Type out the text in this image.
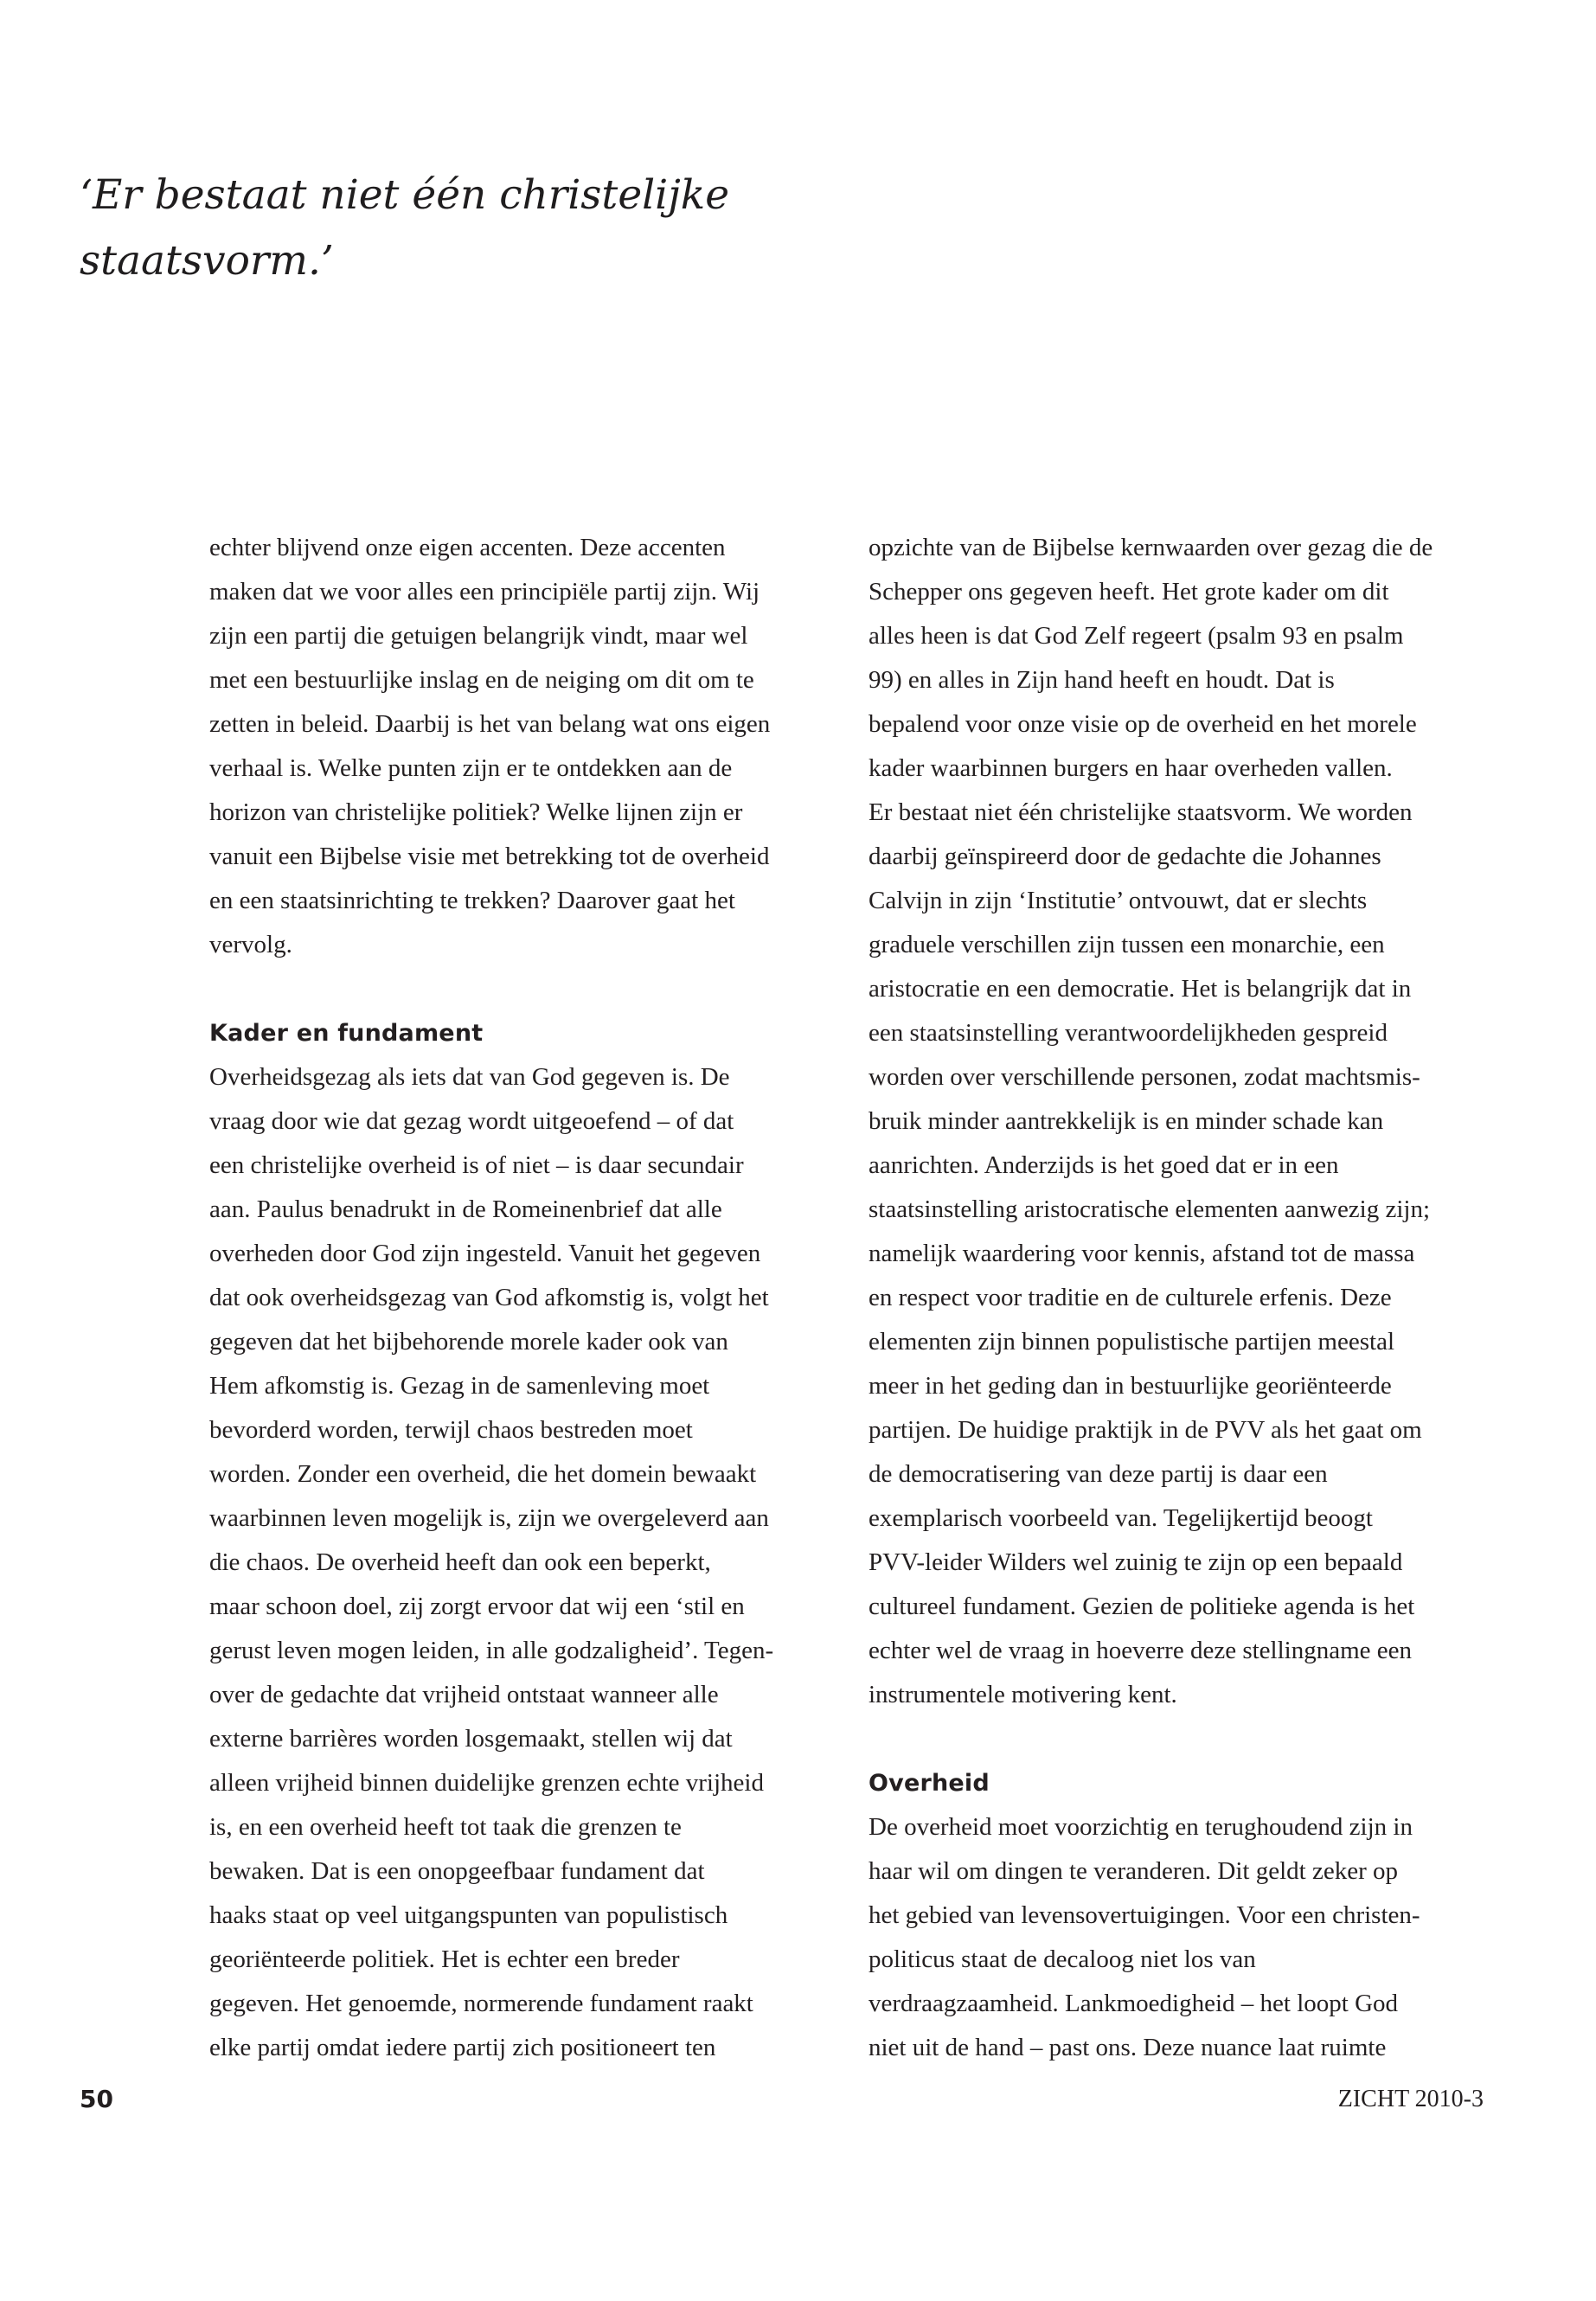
‘Er bestaat niet één christelijke
staatsvorm.’
echter blijvend onze eigen accenten. Deze accenten
maken dat we voor alles een principiële partij zijn. Wij
zijn een partij die getuigen belangrijk vindt, maar wel
met een bestuurlijke inslag en de neiging om dit om te
zetten in beleid. Daarbij is het van belang wat ons eigen
verhaal is. Welke punten zijn er te ontdekken aan de
horizon van christelijke politiek? Welke lijnen zijn er
vanuit een Bijbelse visie met betrekking tot de overheid
en een staatsinrichting te trekken? Daarover gaat het
vervolg.
Kader en fundament
Overheidsgezag als iets dat van God gegeven is. De
vraag door wie dat gezag wordt uitgeoefend – of dat
een christelijke overheid is of niet – is daar secundair
aan. Paulus benadrukt in de Romeinenbrief dat alle
overheden door God zijn ingesteld. Vanuit het gegeven
dat ook overheidsgezag van God afkomstig is, volgt het
gegeven dat het bijbehorende morele kader ook van
Hem afkomstig is. Gezag in de samenleving moet
bevorderd worden, terwijl chaos bestreden moet
worden. Zonder een overheid, die het domein bewaakt
waarbinnen leven mogelijk is, zijn we overgeleverd aan
die chaos. De overheid heeft dan ook een beperkt,
maar schoon doel, zij zorgt ervoor dat wij een ‘stil en
gerust leven mogen leiden, in alle godzaligheid’. Tegen-
over de gedachte dat vrijheid ontstaat wanneer alle
externe barrières worden losgemaakt, stellen wij dat
alleen vrijheid binnen duidelijke grenzen echte vrijheid
is, en een overheid heeft tot taak die grenzen te
bewaken. Dat is een onopgeefbaar fundament dat
haaks staat op veel uitgangspunten van populistisch
georiënteerde politiek. Het is echter een breder
gegeven. Het genoemde, normerende fundament raakt
elke partij omdat iedere partij zich positioneert ten
opzichte van de Bijbelse kernwaarden over gezag die de
Schepper ons gegeven heeft. Het grote kader om dit
alles heen is dat God Zelf regeert (psalm 93 en psalm
99) en alles in Zijn hand heeft en houdt. Dat is
bepalend voor onze visie op de overheid en het morele
kader waarbinnen burgers en haar overheden vallen.
Er bestaat niet één christelijke staatsvorm. We worden
daarbij geïnspireerd door de gedachte die Johannes
Calvijn in zijn ‘Institutie’ ontvouwt, dat er slechts
graduele verschillen zijn tussen een monarchie, een
aristocratie en een democratie. Het is belangrijk dat in
een staatsinstelling verantwoordelijkheden gespreid
worden over verschillende personen, zodat machtsmis-
bruik minder aantrekkelijk is en minder schade kan
aanrichten. Anderzijds is het goed dat er in een
staatsinstelling aristocratische elementen aanwezig zijn;
namelijk waardering voor kennis, afstand tot de massa
en respect voor traditie en de culturele erfenis. Deze
elementen zijn binnen populistische partijen meestal
meer in het geding dan in bestuurlijke georiënteerde
partijen. De huidige praktijk in de PVV als het gaat om
de democratisering van deze partij is daar een
exemplarisch voorbeeld van. Tegelijkertijd beoogt
PVV-leider Wilders wel zuinig te zijn op een bepaald
cultureel fundament. Gezien de politieke agenda is het
echter wel de vraag in hoeverre deze stellingname een
instrumentele motivering kent.
Overheid
De overheid moet voorzichtig en terughoudend zijn in
haar wil om dingen te veranderen. Dit geldt zeker op
het gebied van levensovertuigingen. Voor een christen-
politicus staat de decaloog niet los van
verdraagzaamheid. Lankmoedigheid – het loopt God
niet uit de hand – past ons. Deze nuance laat ruimte
50	ZICHT 2010-3
